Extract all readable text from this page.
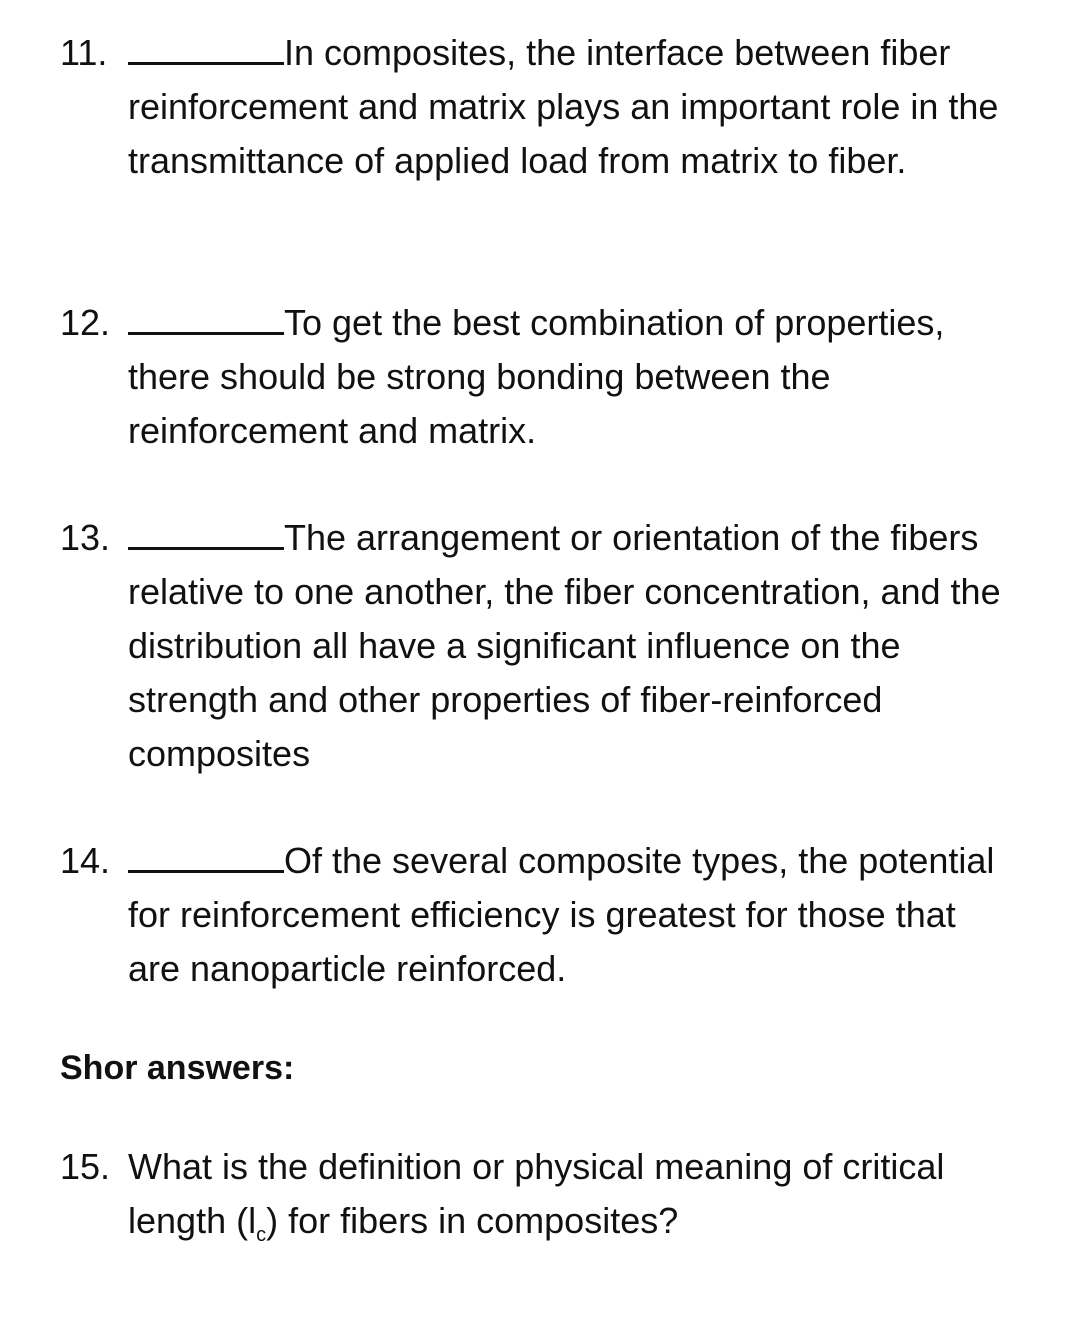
11.	In composites, the interface between fiber reinforcement and matrix plays an important role in the transmittance of applied load from matrix to fiber.
12.	To get the best combination of properties, there should be strong bonding between the reinforcement and matrix.
13.	The arrangement or orientation of the fibers relative to one another, the fiber concentration, and the distribution all have a significant influence on the strength and other properties of fiber-reinforced composites
14.	Of the several composite types, the potential for reinforcement efficiency is greatest for those that are nanoparticle reinforced.
Shor answers:
15. What is the definition or physical meaning of critical length $(l_c)$ for fibers in composites?
